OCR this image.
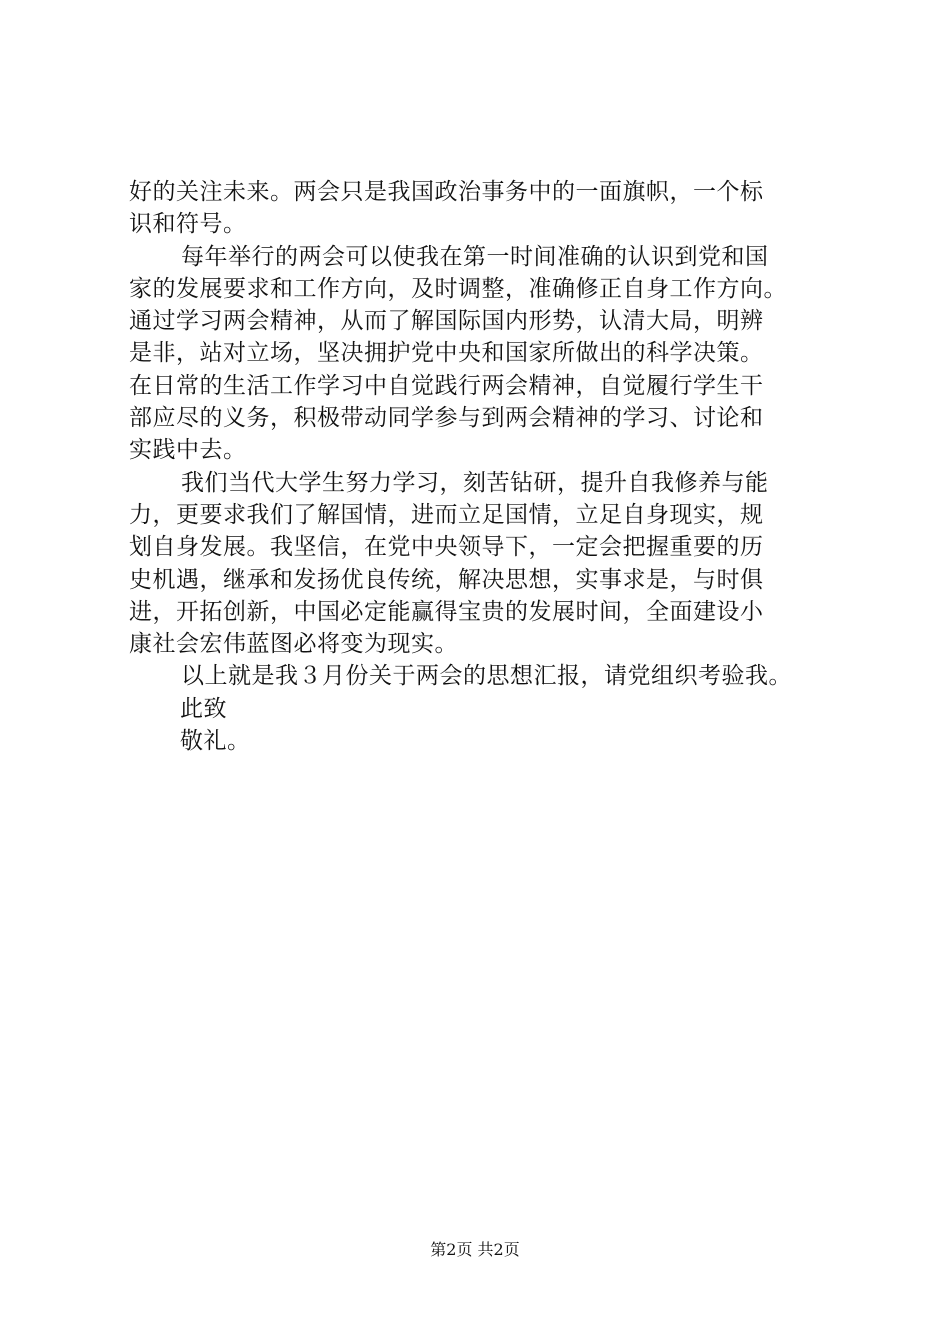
好的关注未来。两会只是我国政治事务中的一面旗帜，一个标
识和符号。
每年举行的两会可以使我在第一时间准确的认识到党和国
家的发展要求和工作方向，及时调整，准确修正自身工作方向。
通过学习两会精神，从而了解国际国内形势，认清大局，明辨
是非，站对立场，坚决拥护党中央和国家所做出的科学决策。
在日常的生活工作学习中自觉践行两会精神，自觉履行学生干
部应尽的义务，积极带动同学参与到两会精神的学习、讨论和
实践中去。
我们当代大学生努力学习，刻苦钻研，提升自我修养与能
力，更要求我们了解国情，进而立足国情，立足自身现实，规
划自身发展。我坚信，在党中央领导下，一定会把握重要的历
史机遇，继承和发扬优良传统，解决思想，实事求是，与时俱
进，开拓创新，中国必定能赢得宝贵的发展时间，全面建设小
康社会宏伟蓝图必将变为现实。
以上就是我３月份关于两会的思想汇报，请党组织考验我。
此致
敬礼。
第2页 共2页
